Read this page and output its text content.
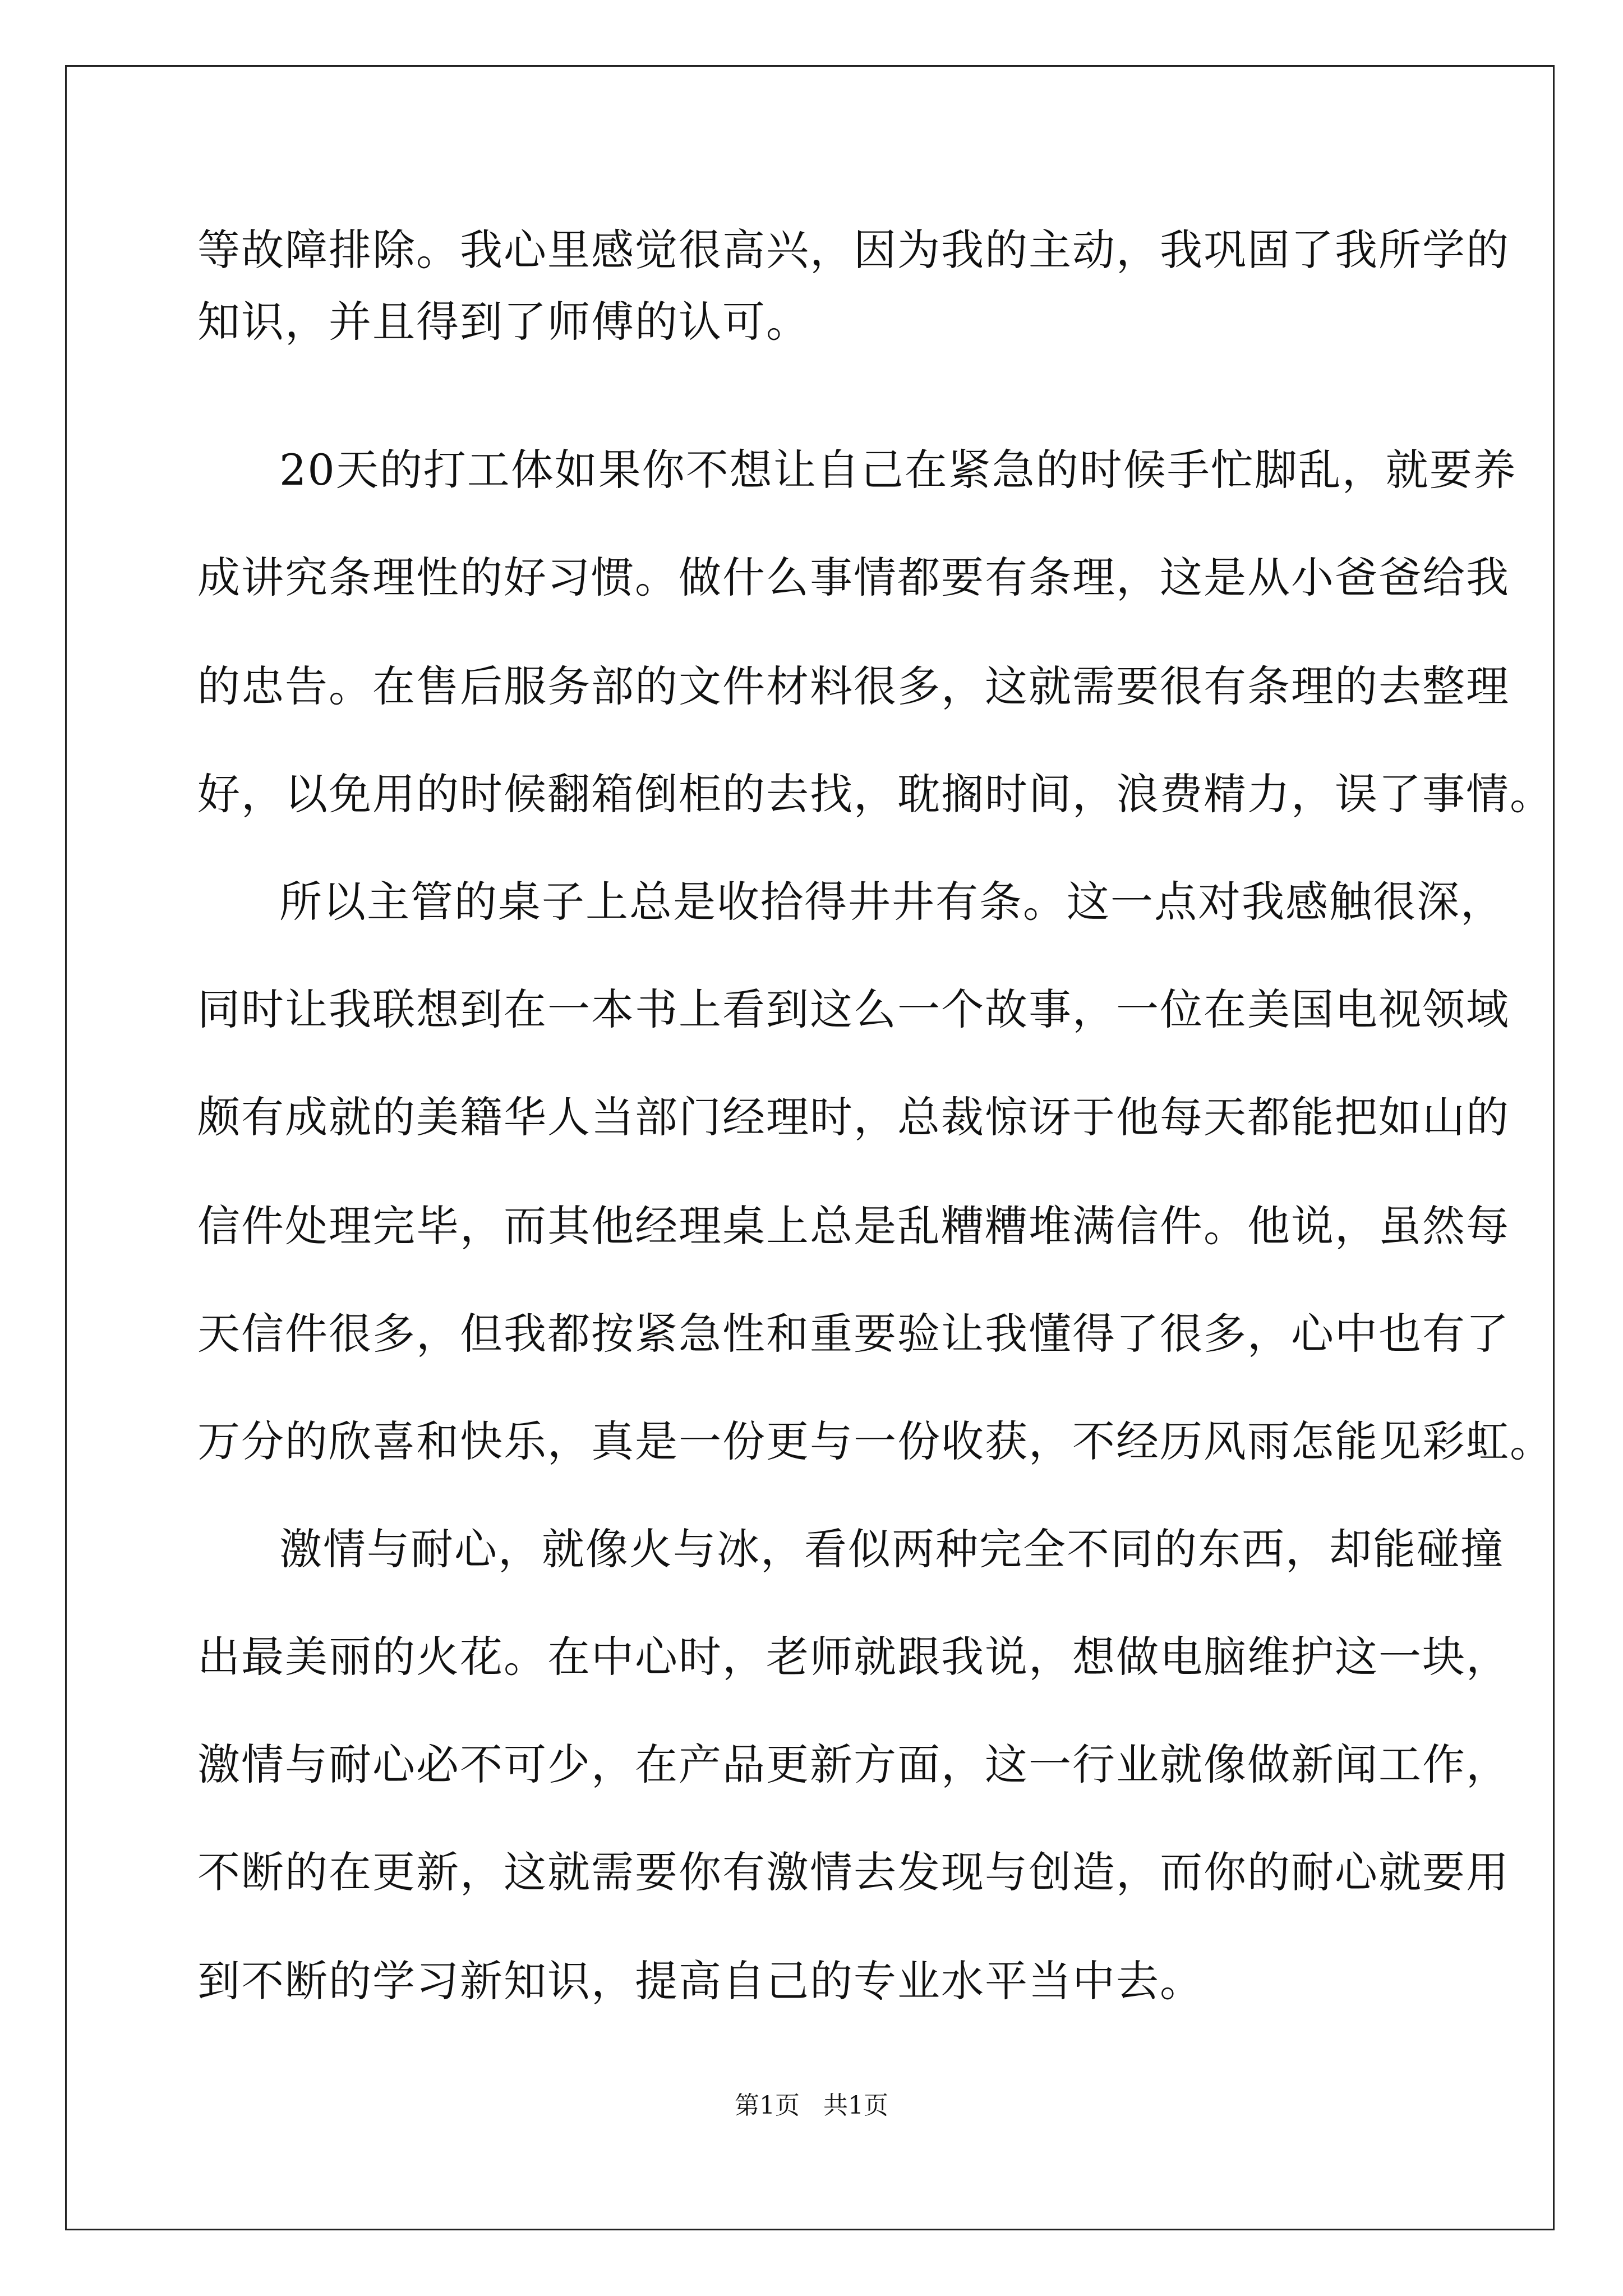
等故障排除。我心里感觉很高兴，因为我的主动，我巩固了我所学的
知识，并且得到了师傅的认可。
20天的打工体如果你不想让自己在紧急的时候手忙脚乱，就要养
成讲究条理性的好习惯。做什么事情都要有条理，这是从小爸爸给我
的忠告。在售后服务部的文件材料很多，这就需要很有条理的去整理
好，以免用的时候翻箱倒柜的去找，耽搁时间，浪费精力，误了事情。
所以主管的桌子上总是收拾得井井有条。这一点对我感触很深，
同时让我联想到在一本书上看到这么一个故事，一位在美国电视领域
颇有成就的美籍华人当部门经理时，总裁惊讶于他每天都能把如山的
信件处理完毕，而其他经理桌上总是乱糟糟堆满信件。他说，虽然每
天信件很多，但我都按紧急性和重要验让我懂得了很多，心中也有了
万分的欣喜和快乐，真是一份更与一份收获，不经历风雨怎能见彩虹。
激情与耐心，就像火与冰，看似两种完全不同的东西，却能碰撞
出最美丽的火花。在中心时，老师就跟我说，想做电脑维护这一块，
激情与耐心必不可少，在产品更新方面，这一行业就像做新闻工作，
不断的在更新，这就需要你有激情去发现与创造，而你的耐心就要用
到不断的学习新知识，提高自己的专业水平当中去。
第1页   共1页
